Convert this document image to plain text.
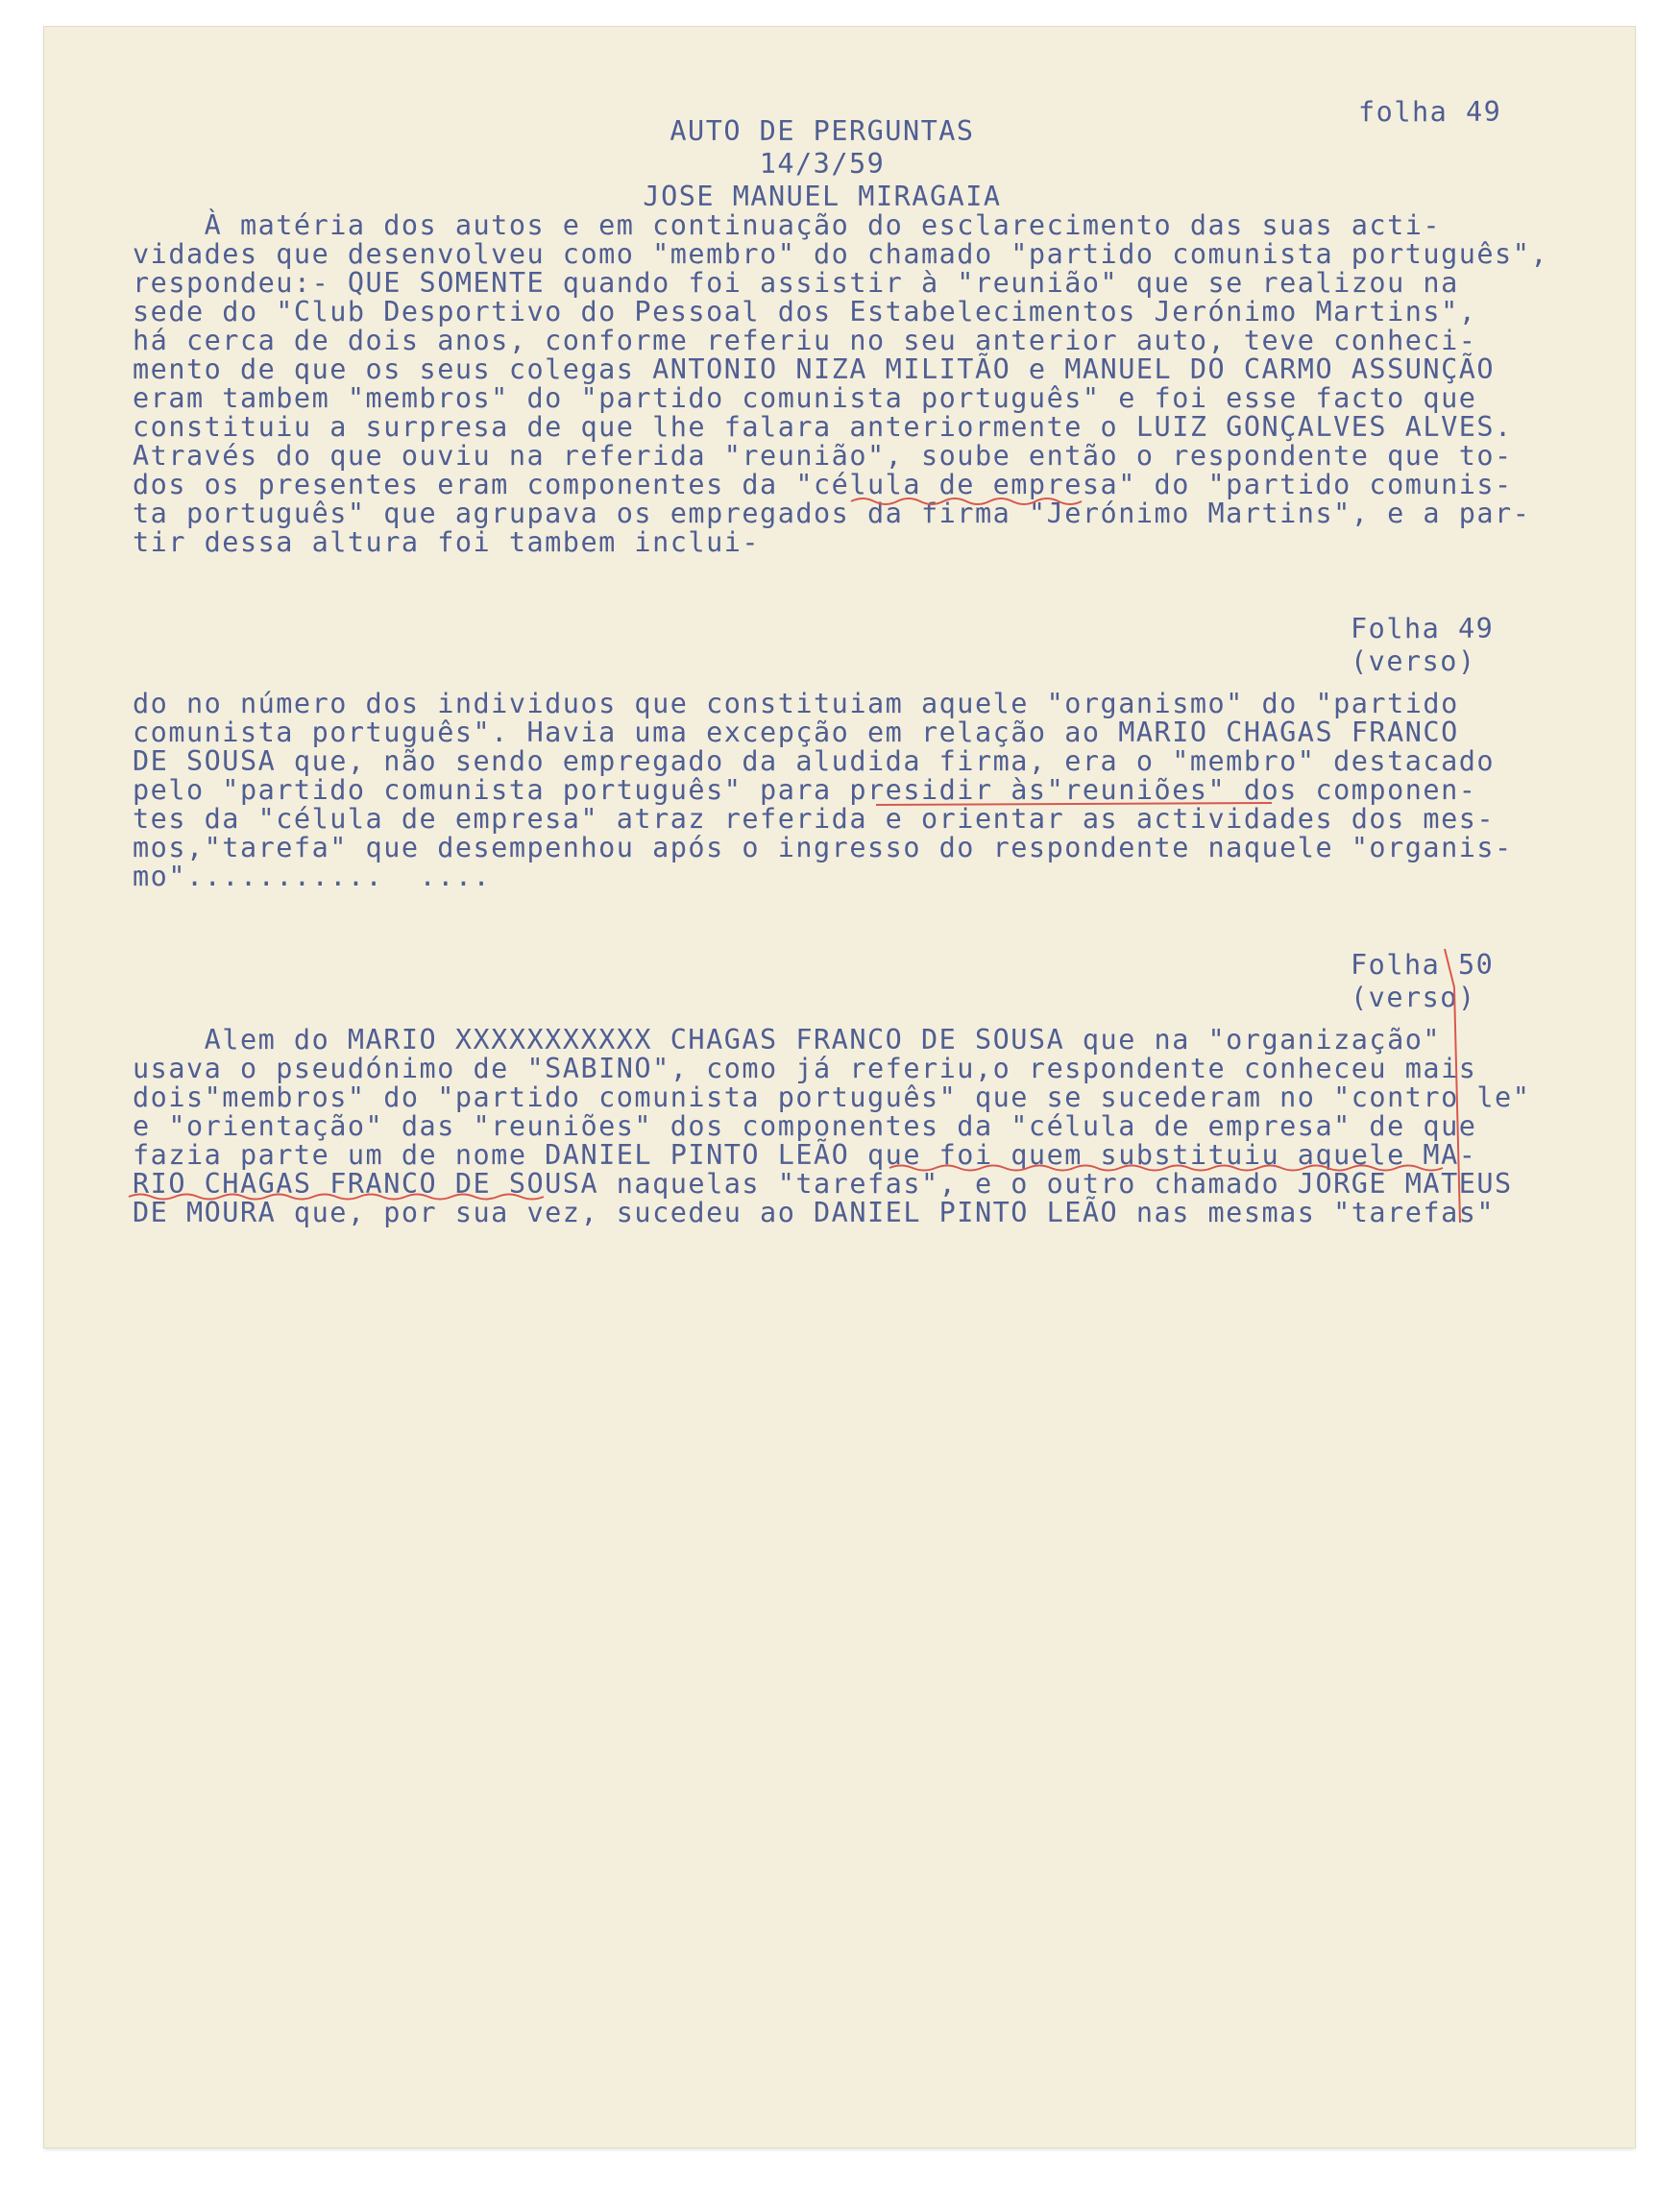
folha 49
AUTO DE PERGUNTAS
14/3/59
JOSE MANUEL MIRAGAIA
À matéria dos autos e em continuação do esclarecimento das suas acti-
vidades que desenvolveu como "membro" do chamado "partido comunista português",
respondeu:- QUE SOMENTE quando foi assistir à "reunião" que se realizou na
sede do "Club Desportivo do Pessoal dos Estabelecimentos Jerónimo Martins",
há cerca de dois anos, conforme referiu no seu anterior auto, teve conheci-
mento de que os seus colegas ANTONIO NIZA MILITÃO e MANUEL DO CARMO ASSUNÇÃO
eram tambem "membros" do "partido comunista português" e foi esse facto que
constituiu a surpresa de que lhe falara anteriormente o LUIZ GONÇALVES ALVES.
Através do que ouviu na referida "reunião", soube então o respondente que to-
dos os presentes eram componentes da "célula de empresa" do "partido comunis-
ta português" que agrupava os empregados da firma "Jerónimo Martins", e a par-
tir dessa altura foi tambem inclui-
Folha 49
(verso)
do no número dos individuos que constituiam aquele "organismo" do "partido
comunista português". Havia uma excepção em relação ao MARIO CHAGAS FRANCO
DE SOUSA que, não sendo empregado da aludida firma, era o "membro" destacado
pelo "partido comunista português" para presidir às"reuniões" dos componen-
tes da "célula de empresa" atraz referida e orientar as actividades dos mes-
mos,"tarefa" que desempenhou após o ingresso do respondente naquele "organis-
mo"...........  ....
Folha 50
(verso)
Alem do MARIO XXXXXXXXXXX CHAGAS FRANCO DE SOUSA que na "organização"
usava o pseudónimo de "SABINO", como já referiu,o respondente conheceu mais
dois"membros" do "partido comunista português" que se sucederam no "contro le"
e "orientação" das "reuniões" dos componentes da "célula de empresa" de que
fazia parte um de nome DANIEL PINTO LEÃO que foi quem substituiu aquele MA-
RIO CHAGAS FRANCO DE SOUSA naquelas "tarefas", e o outro chamado JORGE MATEUS
DE MOURA que, por sua vez, sucedeu ao DANIEL PINTO LEÃO nas mesmas "tarefas"
